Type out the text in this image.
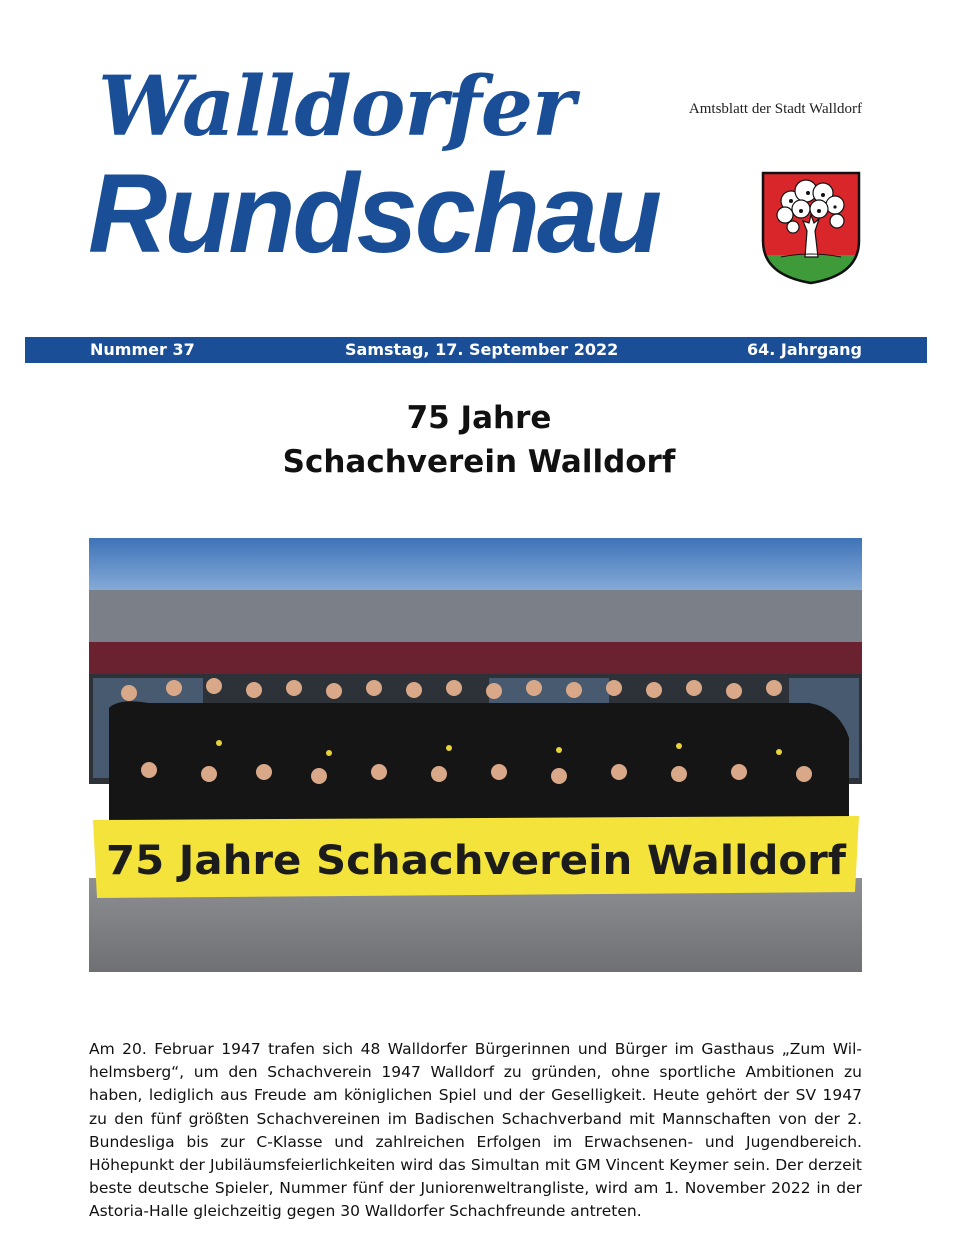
Walldorfer
Rundschau
Amtsblatt der Stadt Walldorf
Nummer 37	Samstag, 17. September 2022	64. Jahrgang
75 Jahre
Schachverein Walldorf
75 Jahre Schachverein Walldorf
Am 20. Februar 1947 trafen sich 48 Walldorfer Bürgerinnen und Bürger im Gasthaus „Zum Wilhelmsberg“, um den Schachverein 1947 Walldorf zu gründen, ohne sportliche Ambitionen zu haben, lediglich aus Freude am königlichen Spiel und der Geselligkeit. Heute gehört der SV 1947 zu den fünf größten Schachvereinen im Badischen Schachverband mit Mannschaften von der 2. Bundesliga bis zur C-Klasse und zahlreichen Erfolgen im Erwachsenen- und Jugendbereich. Höhepunkt der Jubiläumsfeierlichkeiten wird das Simultan mit GM Vincent Keymer sein. Der derzeit beste deutsche Spieler, Nummer fünf der Juniorenweltrangliste, wird am 1. November 2022 in der Astoria-Halle gleichzeitig gegen 30 Walldorfer Schachfreunde antreten.
